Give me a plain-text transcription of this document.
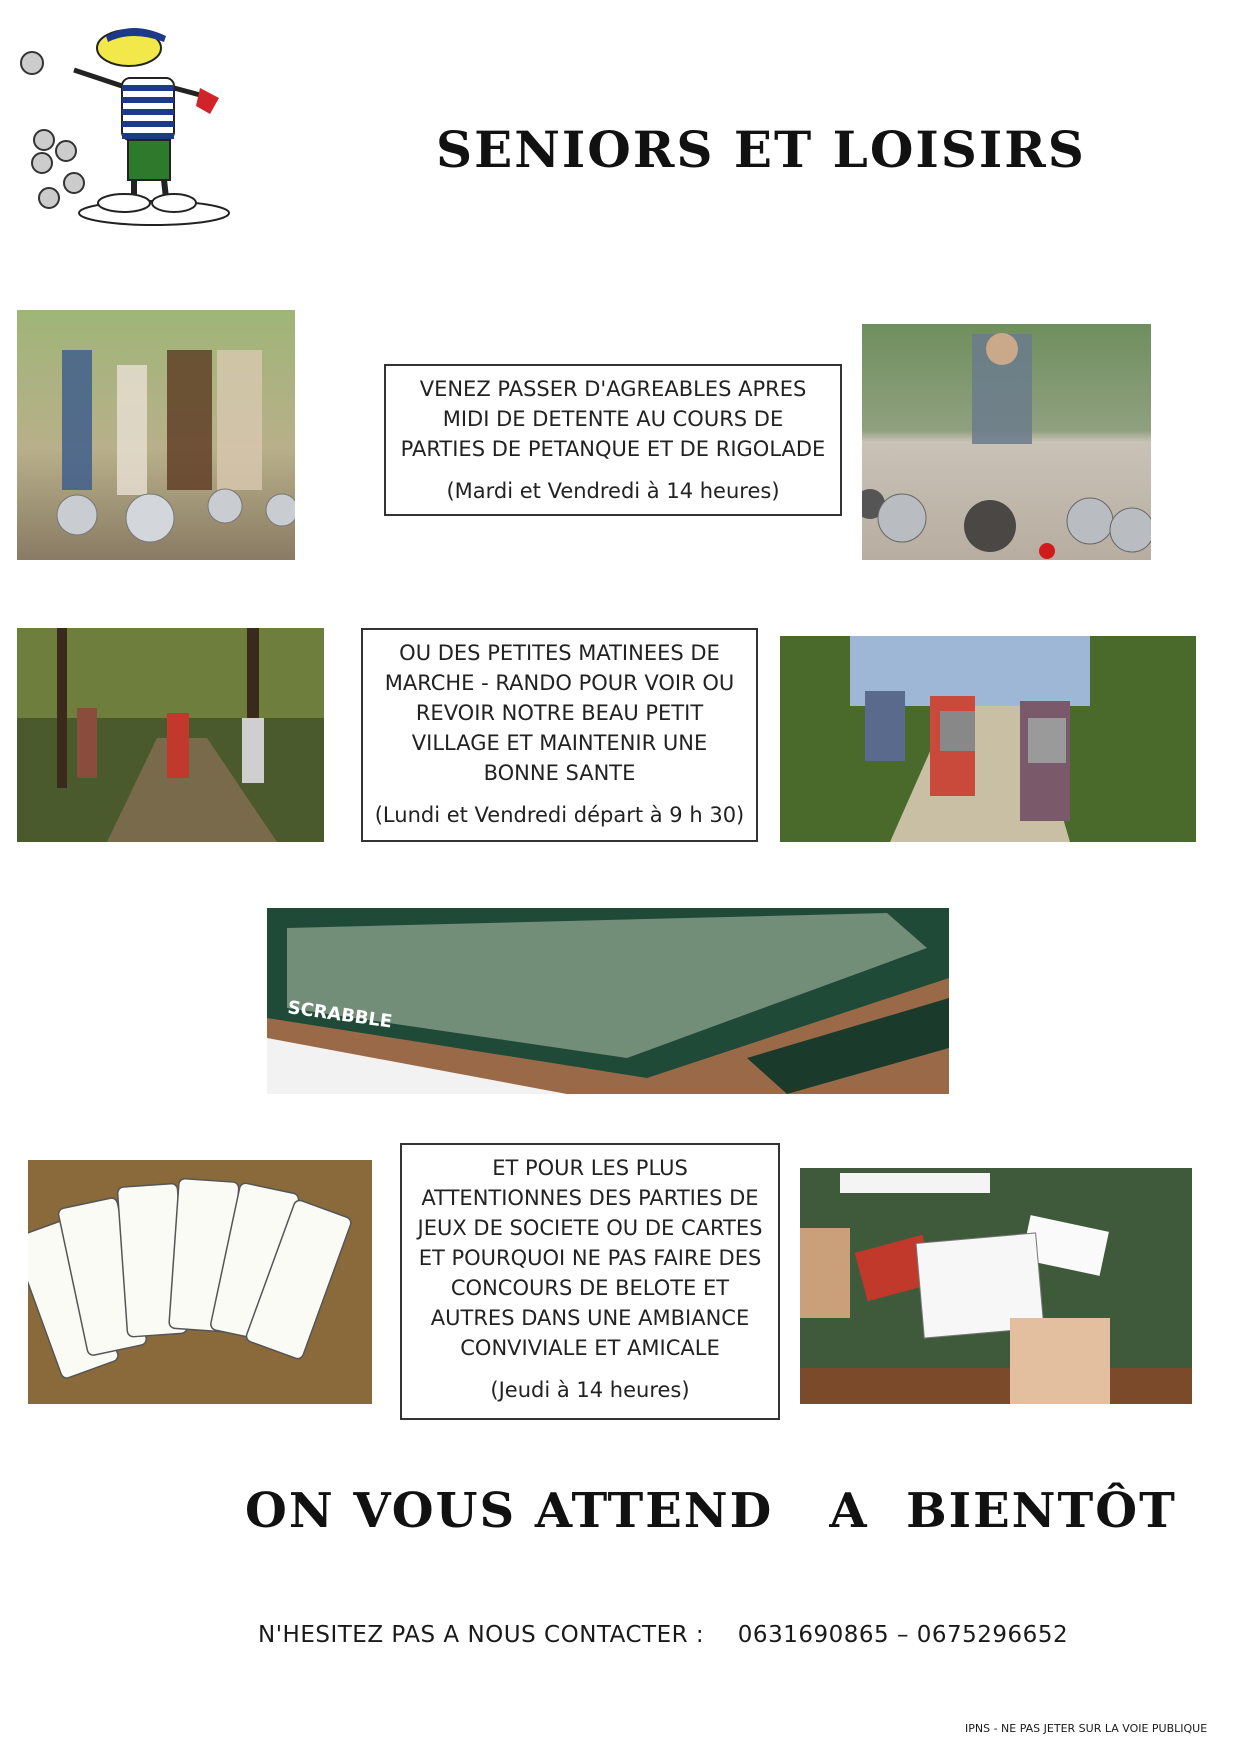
SENIORS ET LOISIRS
VENEZ PASSER D'AGREABLES APRES
MIDI DE DETENTE AU COURS DE
PARTIES DE PETANQUE ET DE RIGOLADE
(Mardi et Vendredi à 14 heures)
OU DES PETITES MATINEES DE
MARCHE - RANDO POUR VOIR OU
REVOIR NOTRE BEAU PETIT
VILLAGE ET MAINTENIR UNE
BONNE SANTE
(Lundi et Vendredi départ à 9 h 30)
SCRABBLE
ET POUR LES PLUS
ATTENTIONNES DES PARTIES DE
JEUX DE SOCIETE OU DE CARTES
ET POURQUOI NE PAS FAIRE DES
CONCOURS DE BELOTE ET
AUTRES DANS UNE AMBIANCE
CONVIVIALE ET AMICALE
(Jeudi à 14 heures)
ON VOUS ATTEND   A  BIENTÔT
N'HESITEZ PAS A NOUS CONTACTER : 0631690865 – 0675296652
IPNS - NE PAS JETER SUR LA VOIE PUBLIQUE
